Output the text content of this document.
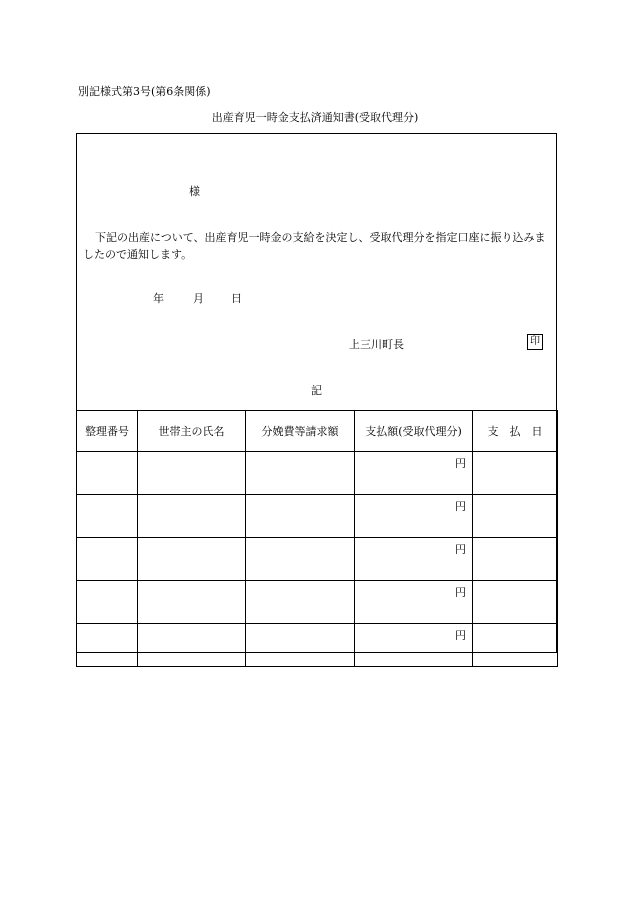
別記様式第3号(第6条関係)
出産育児一時金支払済通知書(受取代理分)
様
下記の出産について、出産育児一時金の支給を決定し、受取代理分を指定口座に振り込みましたので通知します。
年	月 日
上三川町長	印
記
整理番号	世帯主の氏名	分娩費等請求額	支払額(受取代理分)	支　払　日
			円	
			円	
			円	
			円	
			円	
